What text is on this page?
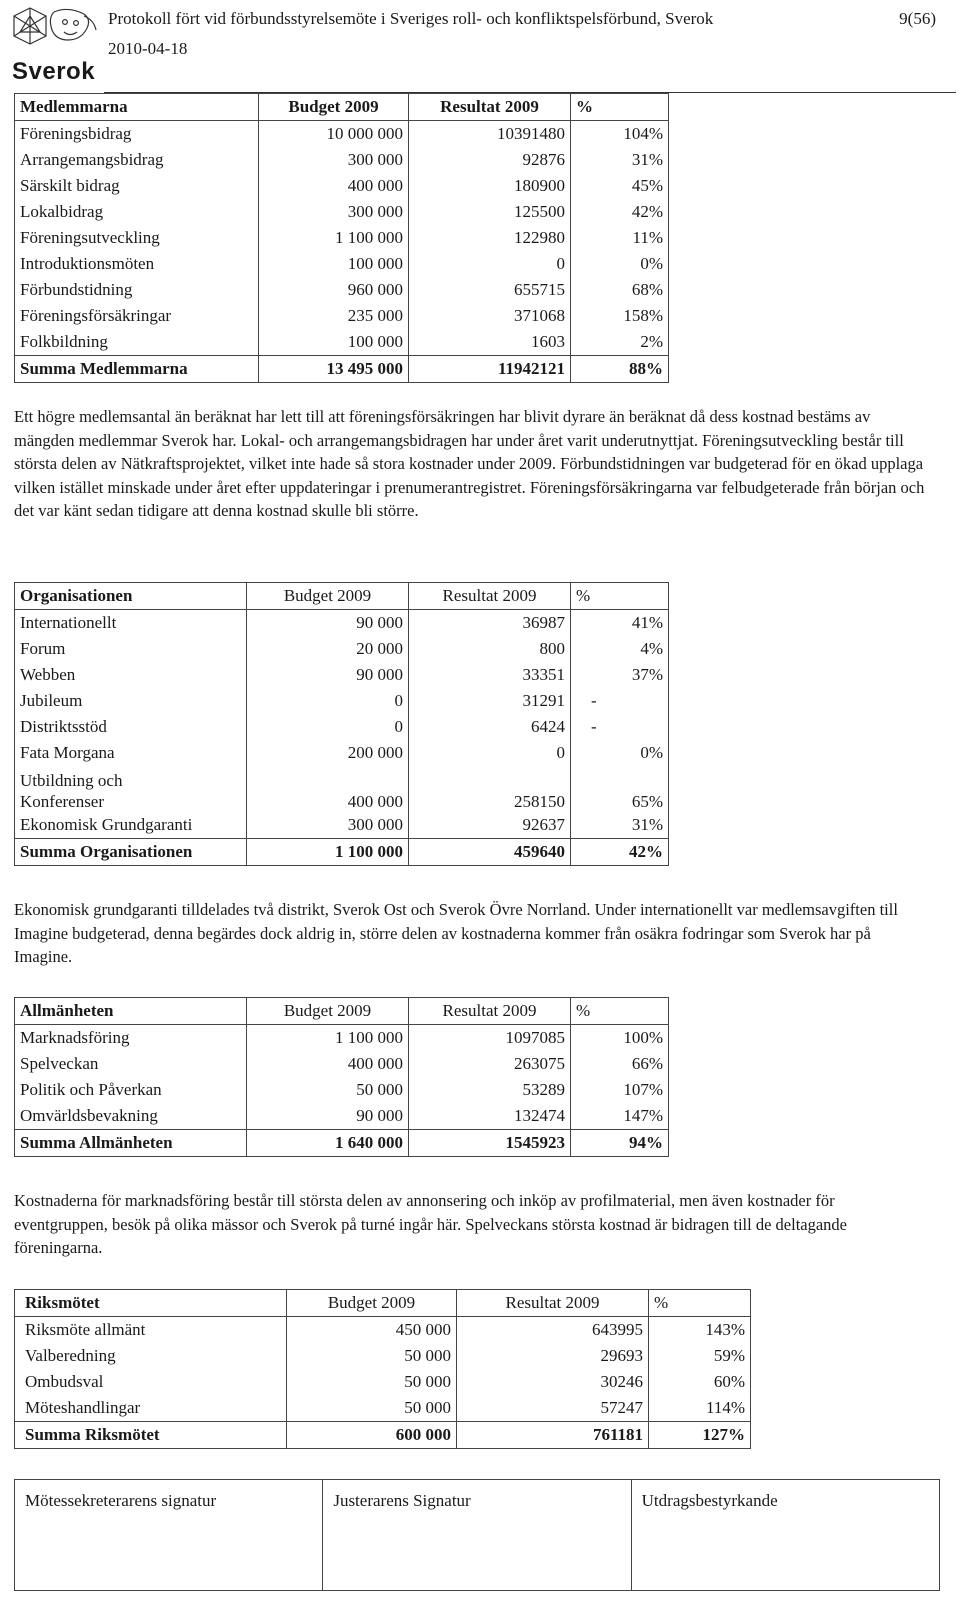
Sverok
Protokoll fört vid förbundsstyrelsemöte i Sveriges roll- och konfliktspelsförbund, Sverok
2010-04-18
9(56)
Medlemmarna	Budget 2009	Resultat 2009	%
Föreningsbidrag	10 000 000	10391480	104%
Arrangemangsbidrag	300 000	92876	31%
Särskilt bidrag	400 000	180900	45%
Lokalbidrag	300 000	125500	42%
Föreningsutveckling	1 100 000	122980	11%
Introduktionsmöten	100 000	0	0%
Förbundstidning	960 000	655715	68%
Föreningsförsäkringar	235 000	371068	158%
Folkbildning	100 000	1603	2%
Summa Medlemmarna	13 495 000	11942121	88%

Ett högre medlemsantal än beräknat har lett till att föreningsförsäkringen har blivit dyrare än beräknat då dess kostnad bestäms av mängden medlemmar Sverok har. Lokal- och arrangemangsbidragen har under året varit underutnyttjat. Föreningsutveckling består till största delen av Nätkraftsprojektet, vilket inte hade så stora kostnader under 2009. Förbundstidningen var budgeterad för en ökad upplaga vilken istället minskade under året efter uppdateringar i prenumerantregistret. Föreningsförsäkringarna var felbudgeterade från början och det var känt sedan tidigare att denna kostnad skulle bli större.

Organisationen	Budget 2009	Resultat 2009	%
Internationellt	90 000	36987	41%
Forum	20 000	800	4%
Webben	90 000	33351	37%
Jubileum	0	31291	-
Distriktsstöd	0	6424	-
Fata Morgana	200 000	0	0%

Utbildning och Konferenser	400 000	258150	65%
Ekonomisk Grundgaranti	300 000	92637	31%
Summa Organisationen	1 100 000	459640	42%

Ekonomisk grundgaranti tilldelades två distrikt, Sverok Ost och Sverok Övre Norrland. Under internationellt var medlemsavgiften till Imagine budgeterad, denna begärdes dock aldrig in, större delen av kostnaderna kommer från osäkra fodringar som Sverok har på Imagine.

Allmänheten	Budget 2009	Resultat 2009	%
Marknadsföring	1 100 000	1097085	100%
Spelveckan	400 000	263075	66%
Politik och Påverkan	50 000	53289	107%
Omvärldsbevakning	90 000	132474	147%
Summa Allmänheten	1 640 000	1545923	94%

Kostnaderna för marknadsföring består till största delen av annonsering och inköp av profilmaterial, men även kostnader för eventgruppen, besök på olika mässor och Sverok på turné ingår här. Spelveckans största kostnad är bidragen till de deltagande föreningarna.

Riksmötet	Budget 2009	Resultat 2009	%
Riksmöte allmänt	450 000	643995	143%
Valberedning	50 000	29693	59%
Ombudsval	50 000	30246	60%
Möteshandlingar	50 000	57247	114%
Summa Riksmötet	600 000	761181	127%
Mötessekreterarens signatur	Justerarens Signatur	Utdragsbestyrkande
